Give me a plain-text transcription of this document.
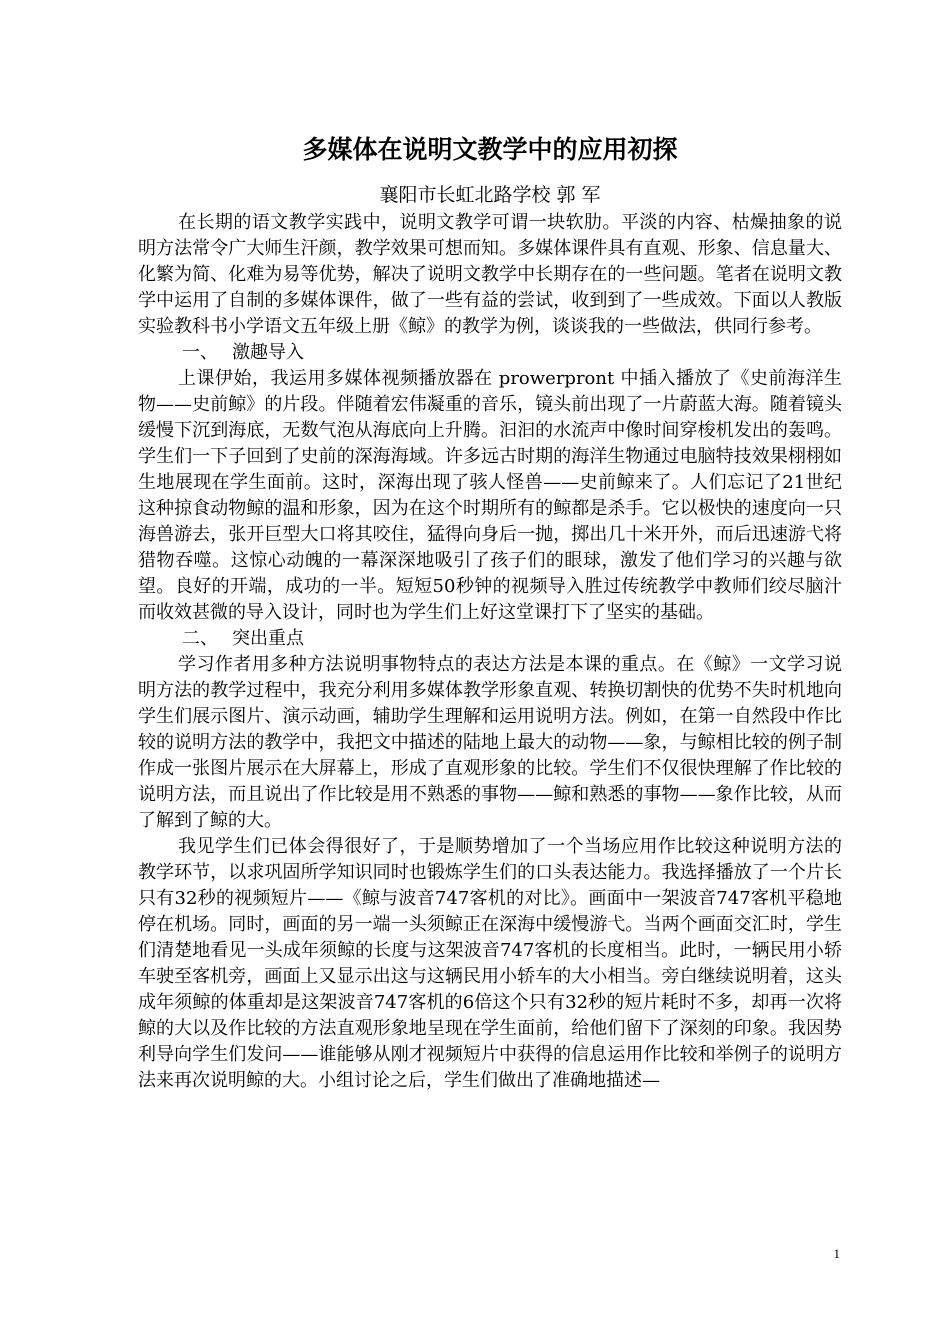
多媒体在说明文教学中的应用初探
襄阳市长虹北路学校 郭 军

在长期的语文教学实践中，说明文教学可谓一块软肋。平淡的内容、枯燥抽象的说明方法常令广大师生汗颜，教学效果可想而知。多媒体课件具有直观、形象、信息量大、化繁为简、化难为易等优势，解决了说明文教学中长期存在的一些问题。笔者在说明文教学中运用了自制的多媒体课件，做了一些有益的尝试，收到到了一些成效。下面以人教版实验教科书小学语文五年级上册《鲸》的教学为例，谈谈我的一些做法，供同行参考。

一、 激趣导入

上课伊始，我运用多媒体视频播放器在 prowerpront 中插入播放了《史前海洋生物——史前鲸》的片段。伴随着宏伟凝重的音乐，镜头前出现了一片蔚蓝大海。随着镜头缓慢下沉到海底，无数气泡从海底向上升腾。汩汩的水流声中像时间穿梭机发出的轰鸣。学生们一下子回到了史前的深海海域。许多远古时期的海洋生物通过电脑特技效果栩栩如生地展现在学生面前。这时，深海出现了骇人怪兽——史前鲸来了。人们忘记了21世纪这种掠食动物鲸的温和形象，因为在这个时期所有的鲸都是杀手。它以极快的速度向一只海兽游去，张开巨型大口将其咬住，猛得向身后一抛，掷出几十米开外，而后迅速游弋将猎物吞噬。这惊心动魄的一幕深深地吸引了孩子们的眼球，激发了他们学习的兴趣与欲望。良好的开端，成功的一半。短短50秒钟的视频导入胜过传统教学中教师们绞尽脑汁而收效甚微的导入设计，同时也为学生们上好这堂课打下了坚实的基础。

二、 突出重点

学习作者用多种方法说明事物特点的表达方法是本课的重点。在《鲸》一文学习说明方法的教学过程中，我充分利用多媒体教学形象直观、转换切割快的优势不失时机地向学生们展示图片、演示动画，辅助学生理解和运用说明方法。例如，在第一自然段中作比较的说明方法的教学中，我把文中描述的陆地上最大的动物——象，与鲸相比较的例子制作成一张图片展示在大屏幕上，形成了直观形象的比较。学生们不仅很快理解了作比较的说明方法，而且说出了作比较是用不熟悉的事物——鲸和熟悉的事物——象作比较，从而了解到了鲸的大。

我见学生们已体会得很好了，于是顺势增加了一个当场应用作比较这种说明方法的教学环节，以求巩固所学知识同时也锻炼学生们的口头表达能力。我选择播放了一个片长只有32秒的视频短片——《鲸与波音747客机的对比》。画面中一架波音747客机平稳地停在机场。同时，画面的另一端一头须鲸正在深海中缓慢游弋。当两个画面交汇时，学生们清楚地看见一头成年须鲸的长度与这架波音747客机的长度相当。此时，一辆民用小轿车驶至客机旁，画面上又显示出这与这辆民用小轿车的大小相当。旁白继续说明着，这头成年须鲸的体重却是这架波音747客机的6倍这个只有32秒的短片耗时不多，却再一次将鲸的大以及作比较的方法直观形象地呈现在学生面前，给他们留下了深刻的印象。我因势利导向学生们发问——谁能够从刚才视频短片中获得的信息运用作比较和举例子的说明方法来再次说明鲸的大。小组讨论之后，学生们做出了准确地描述—

1
